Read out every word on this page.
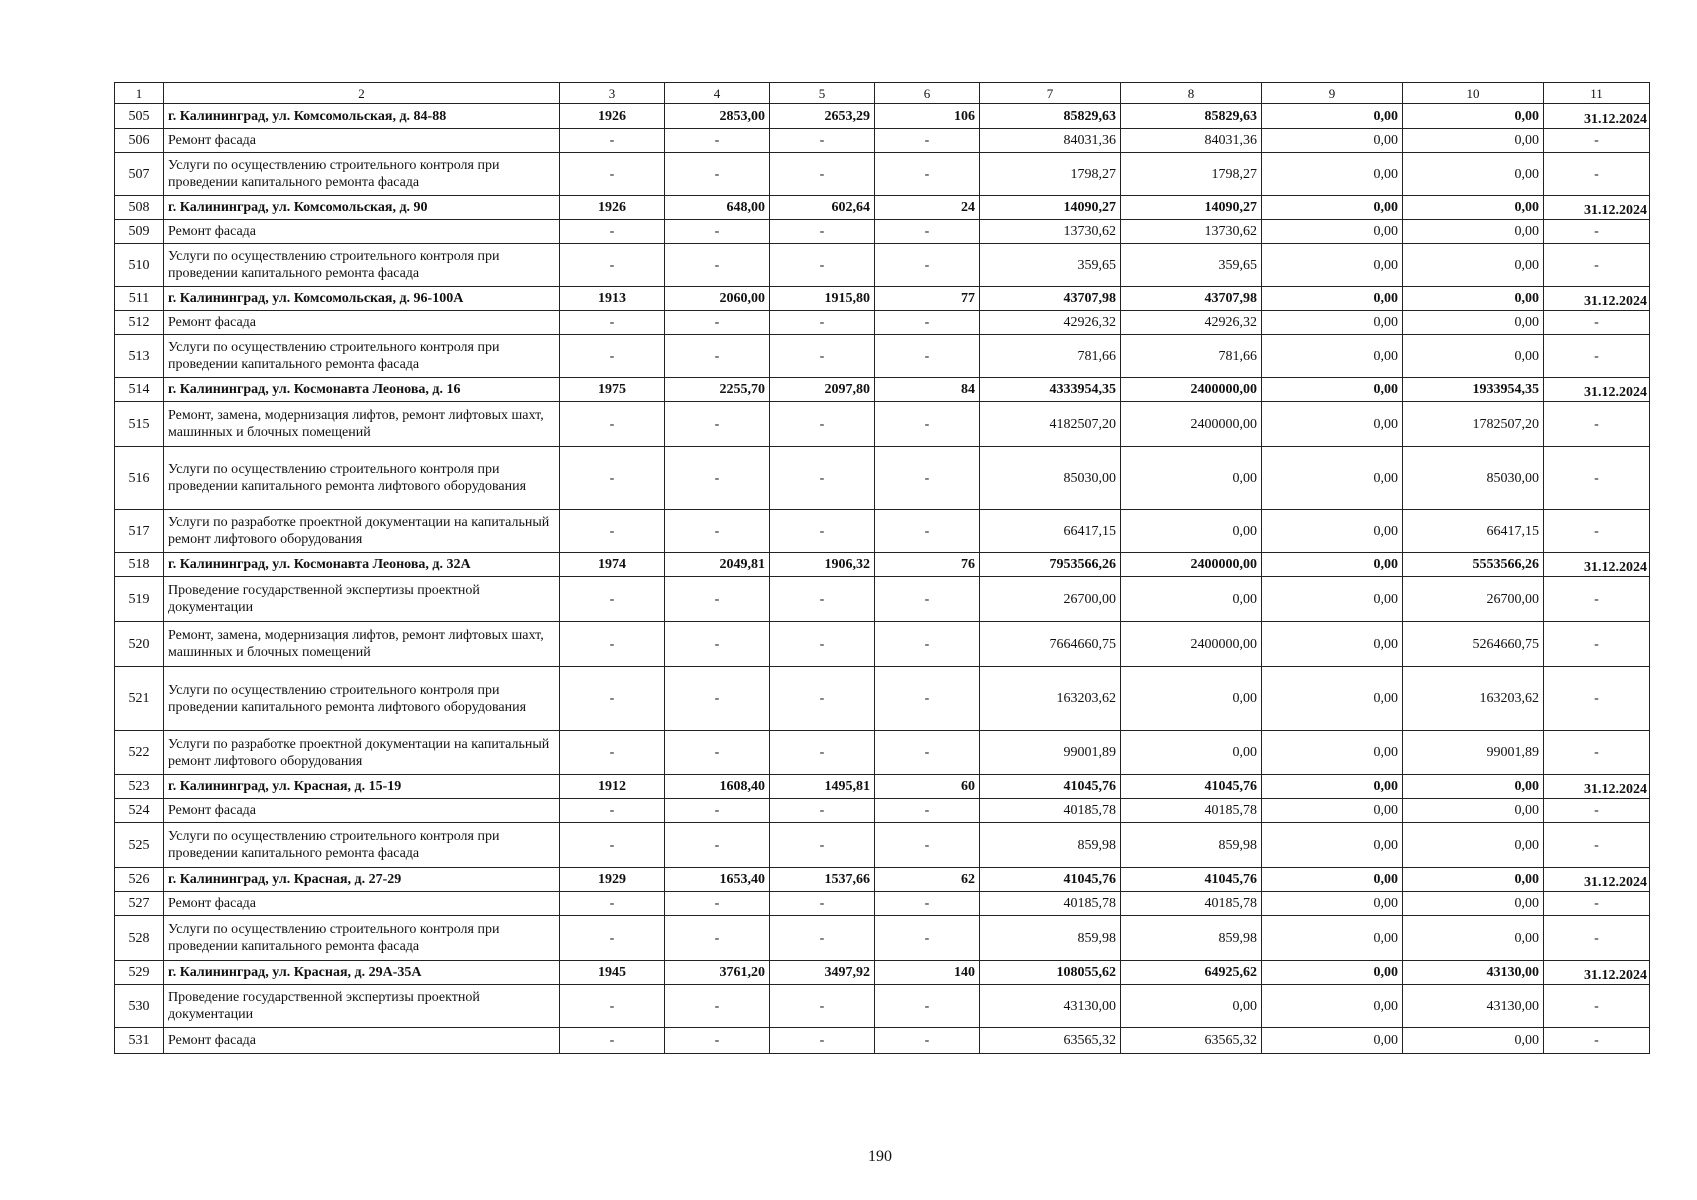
1	2	3	4	5	6	7	8	9	10	11
505	г. Калининград, ул. Комсомольская, д. 84-88	1926	2853,00	2653,29	106	85829,63	85829,63	0,00	0,00	31.12.2024
506	Ремонт фасада	-	-	-	-	84031,36	84031,36	0,00	0,00	-
507	Услуги по осуществлению строительного контроля при проведении капитального ремонта фасада	-	-	-	-	1798,27	1798,27	0,00	0,00	-
508	г. Калининград, ул. Комсомольская, д. 90	1926	648,00	602,64	24	14090,27	14090,27	0,00	0,00	31.12.2024
509	Ремонт фасада	-	-	-	-	13730,62	13730,62	0,00	0,00	-
510	Услуги по осуществлению строительного контроля при проведении капитального ремонта фасада	-	-	-	-	359,65	359,65	0,00	0,00	-
511	г. Калининград, ул. Комсомольская, д. 96-100А	1913	2060,00	1915,80	77	43707,98	43707,98	0,00	0,00	31.12.2024
512	Ремонт фасада	-	-	-	-	42926,32	42926,32	0,00	0,00	-
513	Услуги по осуществлению строительного контроля при проведении капитального ремонта фасада	-	-	-	-	781,66	781,66	0,00	0,00	-
514	г. Калининград, ул. Космонавта Леонова, д. 16	1975	2255,70	2097,80	84	4333954,35	2400000,00	0,00	1933954,35	31.12.2024
515	Ремонт, замена, модернизация лифтов, ремонт лифтовых шахт, машинных и блочных помещений	-	-	-	-	4182507,20	2400000,00	0,00	1782507,20	-
516	Услуги по осуществлению строительного контроля при проведении капитального ремонта лифтового оборудования	-	-	-	-	85030,00	0,00	0,00	85030,00	-
517	Услуги по разработке проектной документации на капитальный ремонт лифтового оборудования	-	-	-	-	66417,15	0,00	0,00	66417,15	-
518	г. Калининград, ул. Космонавта Леонова, д. 32А	1974	2049,81	1906,32	76	7953566,26	2400000,00	0,00	5553566,26	31.12.2024
519	Проведение государственной экспертизы проектной документации	-	-	-	-	26700,00	0,00	0,00	26700,00	-
520	Ремонт, замена, модернизация лифтов, ремонт лифтовых шахт, машинных и блочных помещений	-	-	-	-	7664660,75	2400000,00	0,00	5264660,75	-
521	Услуги по осуществлению строительного контроля при проведении капитального ремонта лифтового оборудования	-	-	-	-	163203,62	0,00	0,00	163203,62	-
522	Услуги по разработке проектной документации на капитальный ремонт лифтового оборудования	-	-	-	-	99001,89	0,00	0,00	99001,89	-
523	г. Калининград, ул. Красная, д. 15-19	1912	1608,40	1495,81	60	41045,76	41045,76	0,00	0,00	31.12.2024
524	Ремонт фасада	-	-	-	-	40185,78	40185,78	0,00	0,00	-
525	Услуги по осуществлению строительного контроля при проведении капитального ремонта фасада	-	-	-	-	859,98	859,98	0,00	0,00	-
526	г. Калининград, ул. Красная, д. 27-29	1929	1653,40	1537,66	62	41045,76	41045,76	0,00	0,00	31.12.2024
527	Ремонт фасада	-	-	-	-	40185,78	40185,78	0,00	0,00	-
528	Услуги по осуществлению строительного контроля при проведении капитального ремонта фасада	-	-	-	-	859,98	859,98	0,00	0,00	-
529	г. Калининград, ул. Красная, д. 29А-35А	1945	3761,20	3497,92	140	108055,62	64925,62	0,00	43130,00	31.12.2024
530	Проведение государственной экспертизы проектной документации	-	-	-	-	43130,00	0,00	0,00	43130,00	-
531	Ремонт фасада	-	-	-	-	63565,32	63565,32	0,00	0,00	-
190
